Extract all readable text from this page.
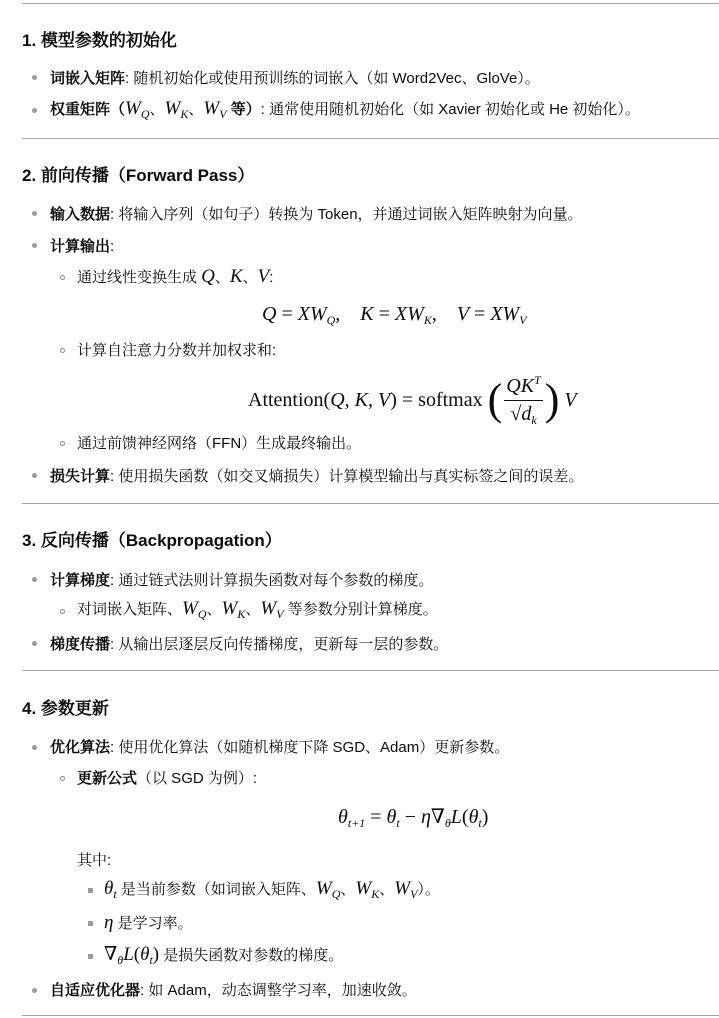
1. 模型参数的初始化
词嵌入矩阵: 随机初始化或使用预训练的词嵌入（如 Word2Vec、GloVe）。
权重矩阵（$W_Q$、$W_K$、$W_V$ 等）: 通常使用随机初始化（如 Xavier 初始化或 He 初始化）。
2. 前向传播（Forward Pass）
输入数据: 将输入序列（如句子）转换为 Token，并通过词嵌入矩阵映射为向量。
计算输出:
通过线性变换生成 Q、K、V:
$Q = XW_Q$,    $K = XW_K$,    $V = XW_V$
计算自注意力分数并加权求和:
Attention(Q, K, V) = softmax ( $\frac{QK^T}{√d_k}$ ) V
通过前馈神经网络（FFN）生成最终输出。
损失计算: 使用损失函数（如交叉熵损失）计算模型输出与真实标签之间的误差。
3. 反向传播（Backpropagation）
计算梯度: 通过链式法则计算损失函数对每个参数的梯度。
对词嵌入矩阵、$W_Q$、$W_K$、$W_V$ 等参数分别计算梯度。
梯度传播: 从输出层逐层反向传播梯度，更新每一层的参数。
4. 参数更新
优化算法: 使用优化算法（如随机梯度下降 SGD、Adam）更新参数。
更新公式（以 SGD 为例）:
$\theta_{t+1} = \theta_t - \eta\nabla_\theta L(\theta_t)$
其中:
$\theta_t$ 是当前参数（如词嵌入矩阵、$W_Q$、$W_K$、$W_V$）。
η 是学习率。
$\nabla_\theta L(\theta_t)$ 是损失函数对参数的梯度。
自适应优化器: 如 Adam，动态调整学习率，加速收敛。
